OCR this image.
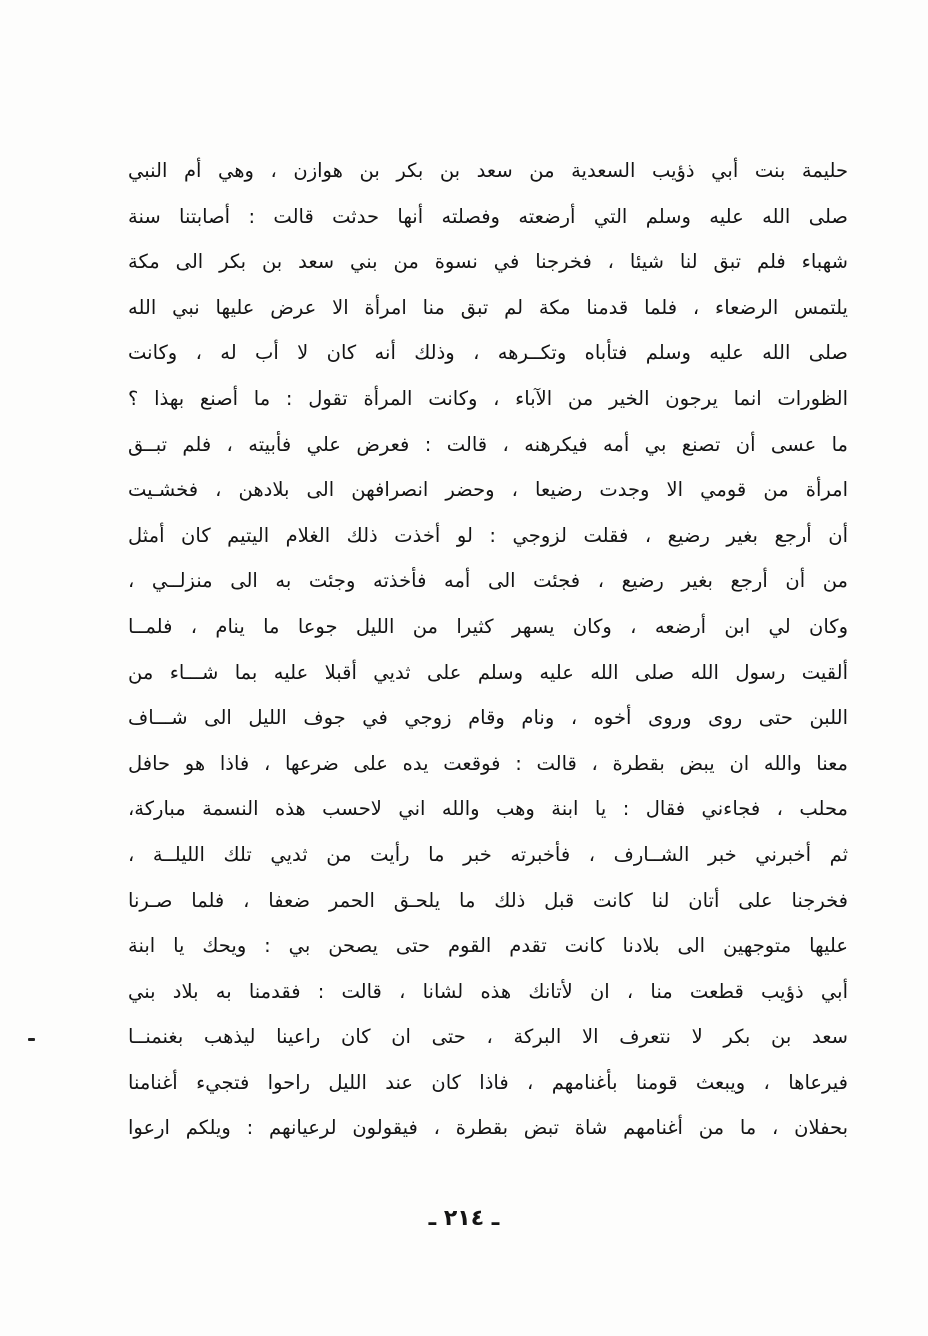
حليمة بنت أبي ذؤيب السعدية من سعد بن بكر بن هوازن ، وهي أم النبي
صلى الله عليه وسلم التي أرضعته وفصلته أنها حدثت قالت : أصابتنا سنة
شهباء فلم تبق لنا شيئا ، فخرجنا في نسوة من بني سعد بن بكر الى مكة
يلتمس الرضعاء ، فلما قدمنا مكة لم تبق منا امرأة الا عرض عليها نبي الله
صلى الله عليه وسلم فتأباه وتكــرهه ، وذلك أنه كان لا أب له ، وكانت
الظورات انما يرجون الخير من الآباء ، وكانت المرأة تقول : ما أصنع بهذا ؟
ما عسى أن تصنع بي أمه فيكرهنه ، قالت : فعرض علي فأبيته ، فلم تبــق
امرأة من قومي الا وجدت رضيعا ، وحضر انصرافهن الى بلادهن ، فخشـيت
أن أرجع بغير رضيع ، فقلت لزوجي : لو أخذت ذلك الغلام اليتيم كان أمثل
من أن أرجع بغير رضيع ، فجئت الى أمه فأخذته وجئت به الى منزلــي ،
وكان لي ابن أرضعه ، وكان يسهر كثيرا من الليل جوعا ما ينام ، فلمــا
ألقيت رسول الله صلى الله عليه وسلم على ثديي أقبلا عليه بما شـــاء من
اللبن حتى روى وروى أخوه ، ونام وقام زوجي في جوف الليل الى شـــاف
معنا والله ان يبض بقطرة ، قالت : فوقعت يده على ضرعها ، فاذا هو حافل
محلب ، فجاءني فقال : يا ابنة وهب والله اني لاحسب هذه النسمة مباركة،
ثم أخبرني خبر الشــارف ، فأخبرته خبر ما رأيت من ثديي تلك الليلــة ،
فخرجنا على أتان لنا كانت قبل ذلك ما يلحـق الحمر ضعفا ، فلما صـرنا
عليها متوجهين الى بلادنا كانت تقدم القوم حتى يصحن بي : ويحك يا ابنة
أبي ذؤيب قطعت منا ، ان لأتانك هذه لشانا ، قالت : فقدمنا به بلاد بني
سعد بن بكر لا نتعرف الا البركة ، حتى ان كان راعينا ليذهب بغنمنــا
فيرعاها ، ويبعث قومنا بأغنامهم ، فاذا كان عند الليل راحوا فتجيء أغنامنا
بحفلان ، ما من أغنامهم شاة تبض بقطرة ، فيقولون لرعيانهم : ويلكم ارعوا
ـ ٢١٤ ـ
